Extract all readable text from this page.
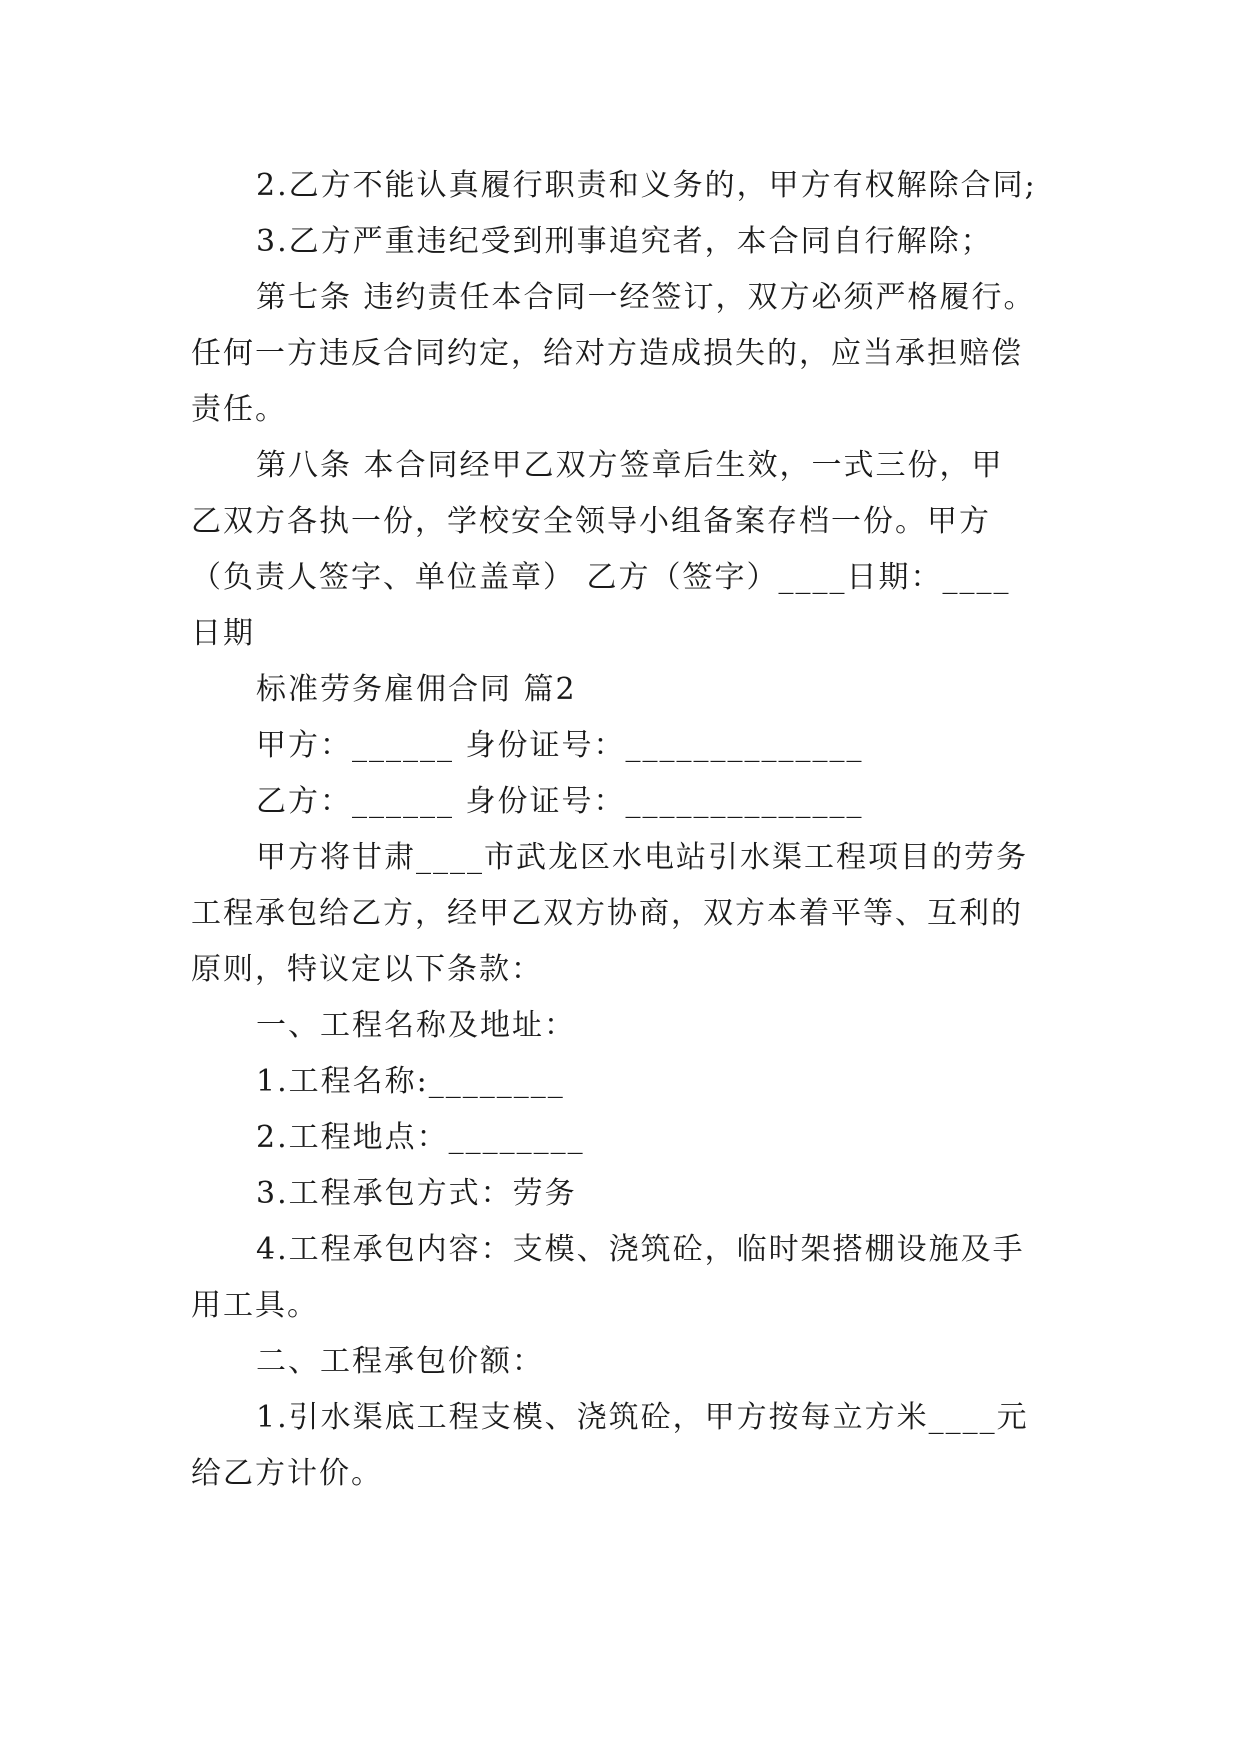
2.乙方不能认真履行职责和义务的，甲方有权解除合同;
3.乙方严重违纪受到刑事追究者，本合同自行解除；
第七条 违约责任本合同一经签订，双方必须严格履行。
任何一方违反合同约定，给对方造成损失的，应当承担赔偿
责任。
第八条 本合同经甲乙双方签章后生效，一式三份，甲
乙双方各执一份，学校安全领导小组备案存档一份。甲方
（负责人签字、单位盖章） 乙方（签字）____日期：____
日期
标准劳务雇佣合同 篇2
甲方：______ 身份证号：______________
乙方：______ 身份证号：______________
甲方将甘肃____市武龙区水电站引水渠工程项目的劳务
工程承包给乙方，经甲乙双方协商，双方本着平等、互利的
原则，特议定以下条款：
一、工程名称及地址：
1.工程名称:________
2.工程地点：________
3.工程承包方式：劳务
4.工程承包内容：支模、浇筑砼，临时架搭棚设施及手
用工具。
二、工程承包价额：
1.引水渠底工程支模、浇筑砼，甲方按每立方米____元
给乙方计价。
